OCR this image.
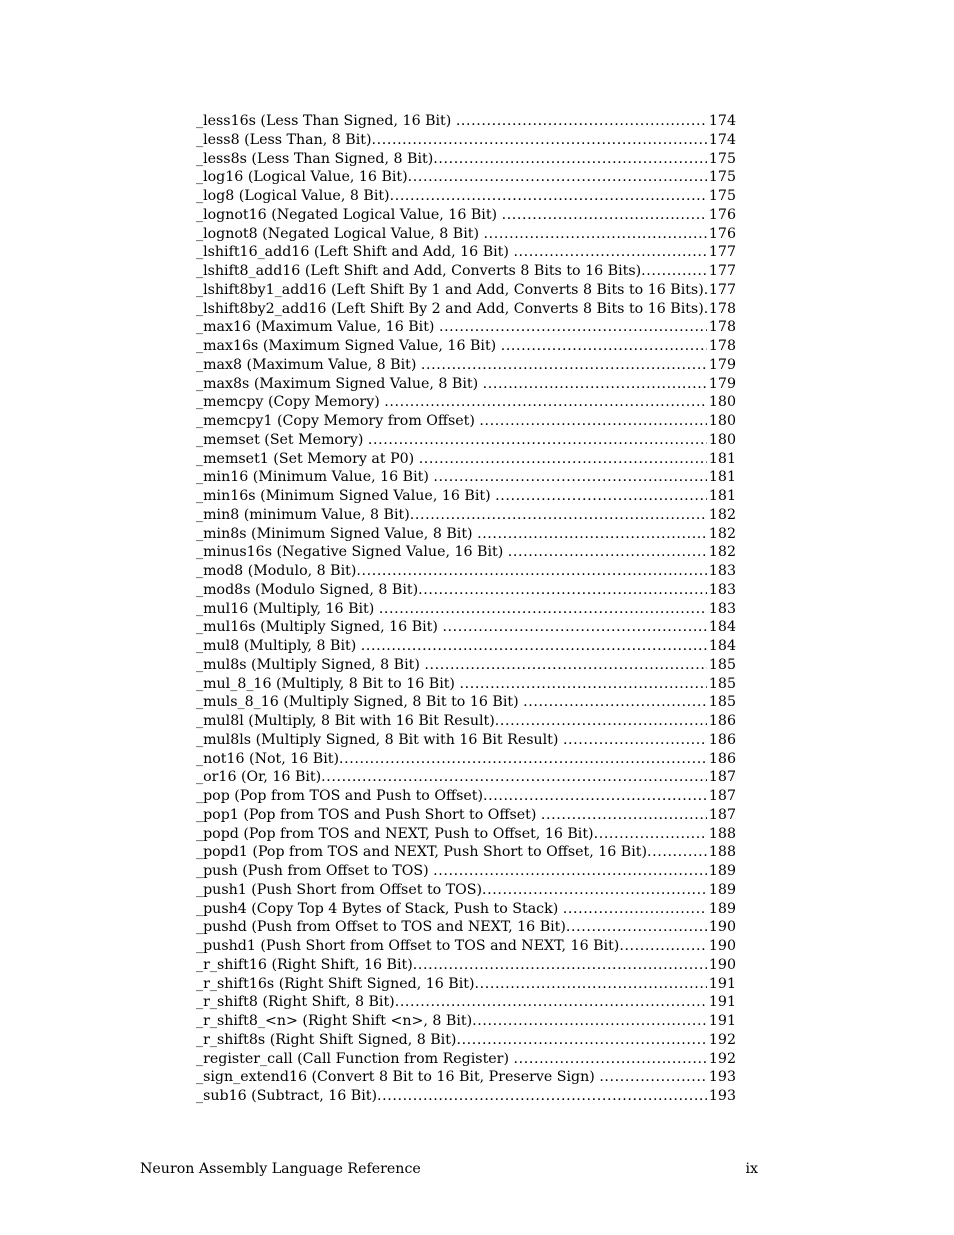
_less16s (Less Than Signed, 16 Bit) .....	174
_less8 (Less Than, 8 Bit) .....	174
_less8s (Less Than Signed, 8 Bit) .....	175
_log16 (Logical Value, 16 Bit) .....	175
_log8 (Logical Value, 8 Bit) .....	175
_lognot16 (Negated Logical Value, 16 Bit) .....	176
_lognot8 (Negated Logical Value, 8 Bit) .....	176
_lshift16_add16 (Left Shift and Add, 16 Bit) .....	177
_lshift8_add16 (Left Shift and Add, Converts 8 Bits to 16 Bits) .....	177
_lshift8by1_add16 (Left Shift By 1 and Add, Converts 8 Bits to 16 Bits) ..... 177
_lshift8by2_add16 (Left Shift By 2 and Add, Converts 8 Bits to 16 Bits) ..... 178
_max16 (Maximum Value, 16 Bit) .....	178
_max16s (Maximum Signed Value, 16 Bit) .....	178
_max8 (Maximum Value, 8 Bit) .....	179
_max8s (Maximum Signed Value, 8 Bit) .....	179
_memcpy (Copy Memory) .....	180
_memcpy1 (Copy Memory from Offset) .....	180
_memset (Set Memory) .....	180
_memset1 (Set Memory at P0) .....	181
_min16 (Minimum Value, 16 Bit) .....	181
_min16s (Minimum Signed Value, 16 Bit) .....	181
_min8 (minimum Value, 8 Bit) .....	182
_min8s (Minimum Signed Value, 8 Bit) .....	182
_minus16s (Negative Signed Value, 16 Bit) .....	182
_mod8 (Modulo, 8 Bit) .....	183
_mod8s (Modulo Signed, 8 Bit) .....	183
_mul16 (Multiply, 16 Bit) .....	183
_mul16s (Multiply Signed, 16 Bit) .....	184
_mul8 (Multiply, 8 Bit) .....	184
_mul8s (Multiply Signed, 8 Bit) .....	185
_mul_8_16 (Multiply, 8 Bit to 16 Bit) .....	185
_muls_8_16 (Multiply Signed, 8 Bit to 16 Bit) .....	185
_mul8l (Multiply, 8 Bit with 16 Bit Result) .....	186
_mul8ls (Multiply Signed, 8 Bit with 16 Bit Result) .....	186
_not16 (Not, 16 Bit) .....	186
_or16 (Or, 16 Bit) .....	187
_pop (Pop from TOS and Push to Offset) .....	187
_pop1 (Pop from TOS and Push Short to Offset) .....	187
_popd (Pop from TOS and NEXT, Push to Offset, 16 Bit) .....	188
_popd1 (Pop from TOS and NEXT, Push Short to Offset, 16 Bit) .....	188
_push (Push from Offset to TOS) .....	189
_push1 (Push Short from Offset to TOS) .....	189
_push4 (Copy Top 4 Bytes of Stack, Push to Stack) .....	189
_pushd (Push from Offset to TOS and NEXT, 16 Bit) .....	190
_pushd1 (Push Short from Offset to TOS and NEXT, 16 Bit) .....	190
_r_shift16 (Right Shift, 16 Bit) .....	190
_r_shift16s (Right Shift Signed, 16 Bit) .....	191
_r_shift8 (Right Shift, 8 Bit) .....	191
_r_shift8_<n> (Right Shift <n>, 8 Bit) .....	191
_r_shift8s (Right Shift Signed, 8 Bit) .....	192
_register_call (Call Function from Register) .....	192
_sign_extend16 (Convert 8 Bit to 16 Bit, Preserve Sign) .....	193
_sub16 (Subtract, 16 Bit) .....	193
Neuron Assembly Language Reference	ix
